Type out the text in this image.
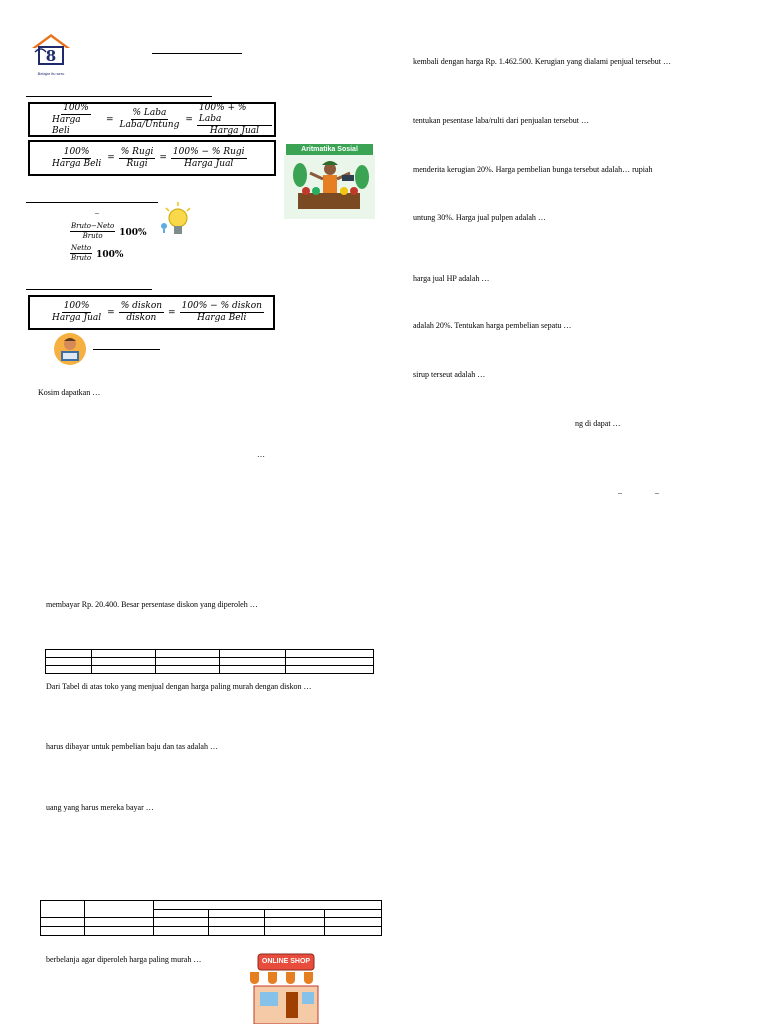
8
Belajar itu seru
$\frac{100\%}{\text{Harga Beli}} = \frac{\text{\% Laba}}{\text{Laba/Untung}} = \frac{\text{100\% + \% Laba}}{\text{Harga Jual}}$
$\frac{100\%}{\text{Harga Beli}} = \frac{\text{\% Rugi}}{\text{Rugi}} = \frac{\text{100\% − \% Rugi}}{\text{Harga Jual}}$	Aritmatika Sosial
–
$\frac{\text{Bruto−Neto}}{\text{Bruto}} 100\%$
$\frac{\text{Netto}}{\text{Bruto}} 100\%$
$\frac{100\%}{\text{Harga Jual}} = \frac{\text{\% diskon}}{\text{diskon}} = \frac{\text{100\% − \% diskon}}{\text{Harga Beli}}$
Kosim dapatkan …
…
membayar Rp. 20.400. Besar persentase diskon yang diperoleh …

Dari Tabel di atas toko yang menjual dengan harga paling murah dengan diskon …
harus dibayar untuk pembelian baju dan tas adalah …
uang yang harus mereka bayar …

berbelanja agar diperoleh harga paling murah …	ONLINE SHOP
kembali dengan harga Rp. 1.462.500. Kerugian yang dialami penjual tersebut …
tentukan pesentase laba/rulti dari penjualan tersebut …
menderita kerugian 20%. Harga pembelian bunga tersebut adalah… rupiah
untung 30%. Harga jual pulpen adalah …
harga jual HP adalah …
adalah 20%. Tentukan harga pembelian sepatu …
sirup terseut adalah …
ng di dapat …
–	–
